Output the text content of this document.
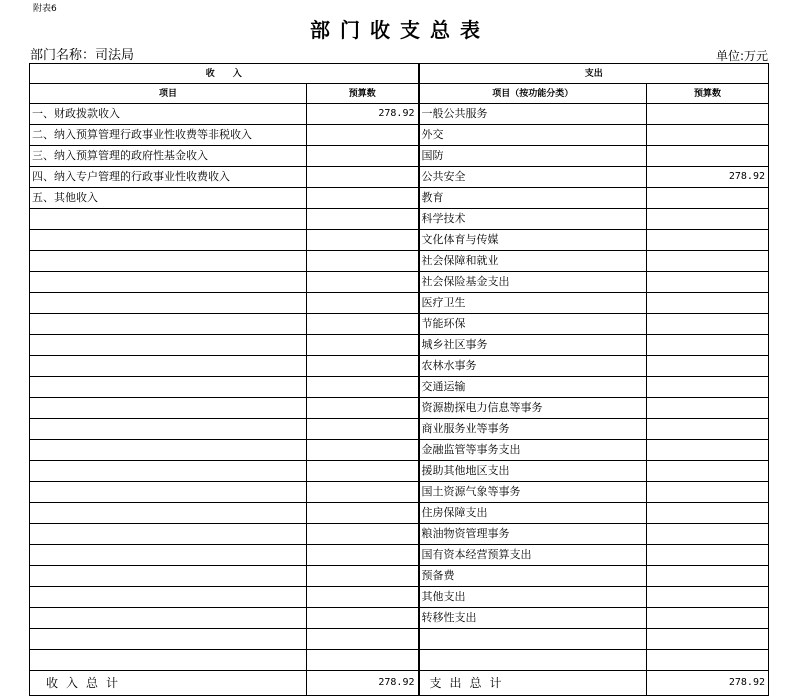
附表6
部门收支总表
部门名称：司法局	单位:万元
收　　入		支出	
项目	预算数	项目（按功能分类）	预算数
一、财政拨款收入	278.92	一般公共服务	
二、纳入预算管理行政事业性收费等非税收入		外交	
三、纳入预算管理的政府性基金收入		国防	
四、纳入专户管理的行政事业性收费收入		公共安全	278.92
五、其他收入		教育	
		科学技术	
		文化体育与传媒	
		社会保障和就业	
		社会保险基金支出	
		医疗卫生	
		节能环保	
		城乡社区事务	
		农林水事务	
		交通运输	
		资源勘探电力信息等事务	
		商业服务业等事务	
		金融监管等事务支出	
		援助其他地区支出	
		国土资源气象等事务	
		住房保障支出	
		粮油物资管理事务	
		国有资本经营预算支出	
		预备费	
		其他支出	
		转移性支出	

收入总计	278.92	支出总计	278.92
